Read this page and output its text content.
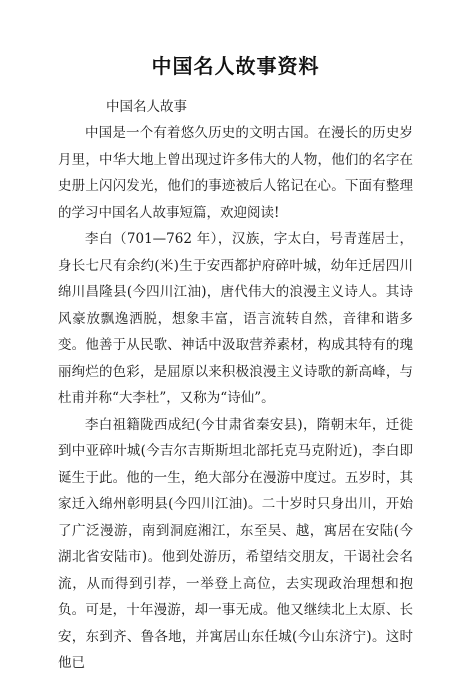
中国名人故事资料

中国名人故事

中国是一个有着悠久历史的文明古国。在漫长的历史岁月里，中华大地上曾出现过许多伟大的人物，他们的名字在史册上闪闪发光，他们的事迹被后人铭记在心。下面有整理的学习中国名人故事短篇，欢迎阅读!

李白（701—762 年），汉族，字太白，号青莲居士，身长七尺有余约(米)生于安西都护府碎叶城，幼年迁居四川绵川昌隆县(今四川江油)，唐代伟大的浪漫主义诗人。其诗风豪放飘逸洒脱，想象丰富，语言流转自然，音律和谐多变。他善于从民歌、神话中汲取营养素材，构成其特有的瑰丽绚烂的色彩，是屈原以来积极浪漫主义诗歌的新高峰，与杜甫并称“大李杜”，又称为“诗仙”。

李白祖籍陇西成纪(今甘肃省秦安县)，隋朝末年，迁徙到中亚碎叶城(今吉尔吉斯斯坦北部托克马克附近)，李白即诞生于此。他的一生，绝大部分在漫游中度过。五岁时，其家迁入绵州彰明县(今四川江油)。二十岁时只身出川，开始了广泛漫游，南到洞庭湘江，东至吴、越，寓居在安陆(今湖北省安陆市)。他到处游历，希望结交朋友，干谒社会名流，从而得到引荐，一举登上高位，去实现政治理想和抱负。可是，十年漫游，却一事无成。他又继续北上太原、长安，东到齐、鲁各地，并寓居山东任城(今山东济宁)。这时他已
